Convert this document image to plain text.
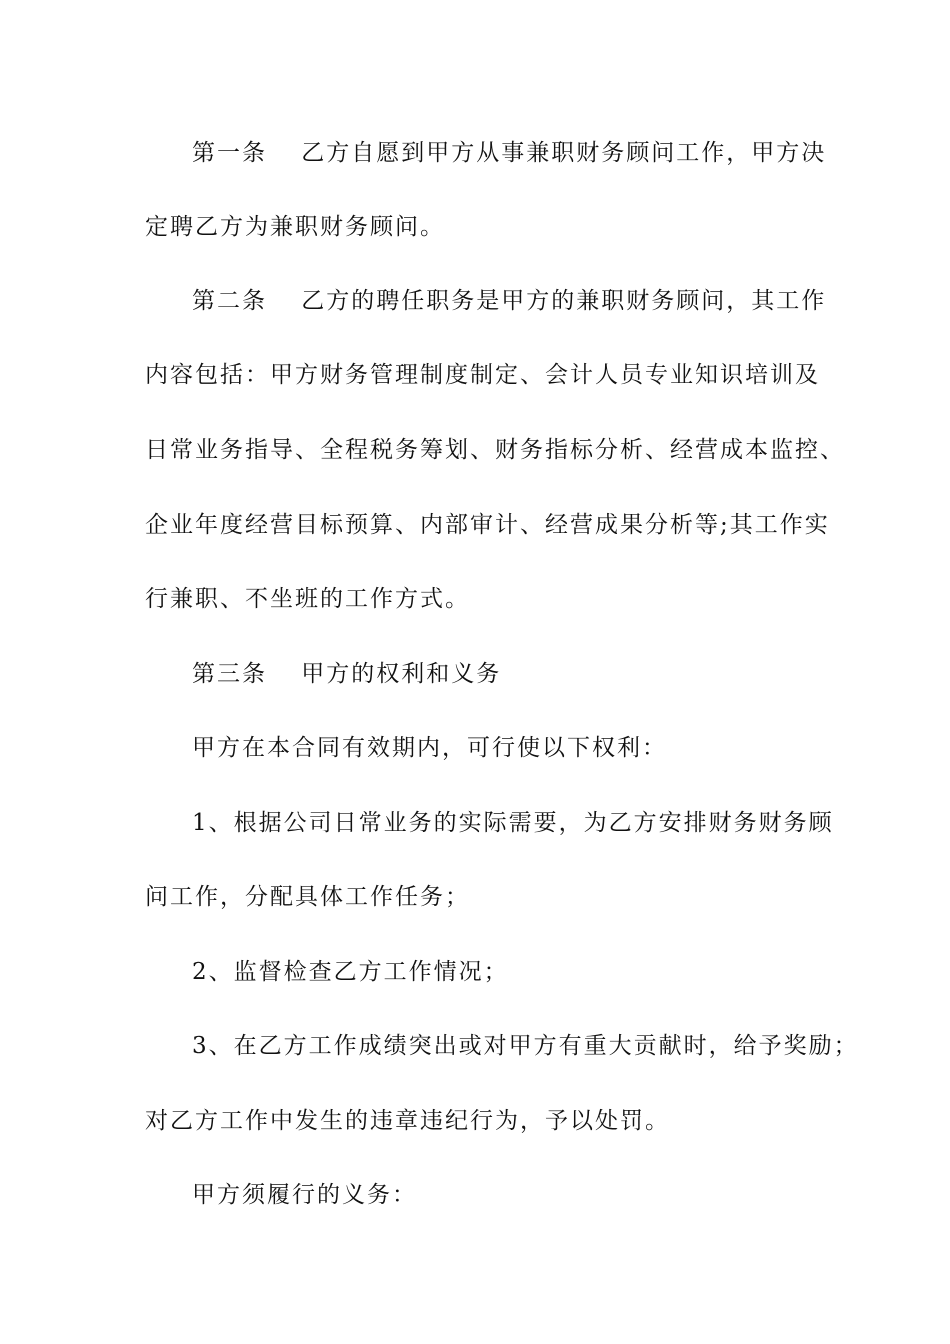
第一条　 乙方自愿到甲方从事兼职财务顾问工作，甲方决
定聘乙方为兼职财务顾问。
第二条　 乙方的聘任职务是甲方的兼职财务顾问，其工作
内容包括：甲方财务管理制度制定、会计人员专业知识培训及
日常业务指导、全程税务筹划、财务指标分析、经营成本监控、
企业年度经营目标预算、内部审计、经营成果分析等;其工作实
行兼职、不坐班的工作方式。
第三条　 甲方的权利和义务
甲方在本合同有效期内，可行使以下权利：
1、根据公司日常业务的实际需要，为乙方安排财务财务顾
问工作，分配具体工作任务；
2、监督检查乙方工作情况；
3、在乙方工作成绩突出或对甲方有重大贡献时，给予奖励；
对乙方工作中发生的违章违纪行为，予以处罚。
甲方须履行的义务：
